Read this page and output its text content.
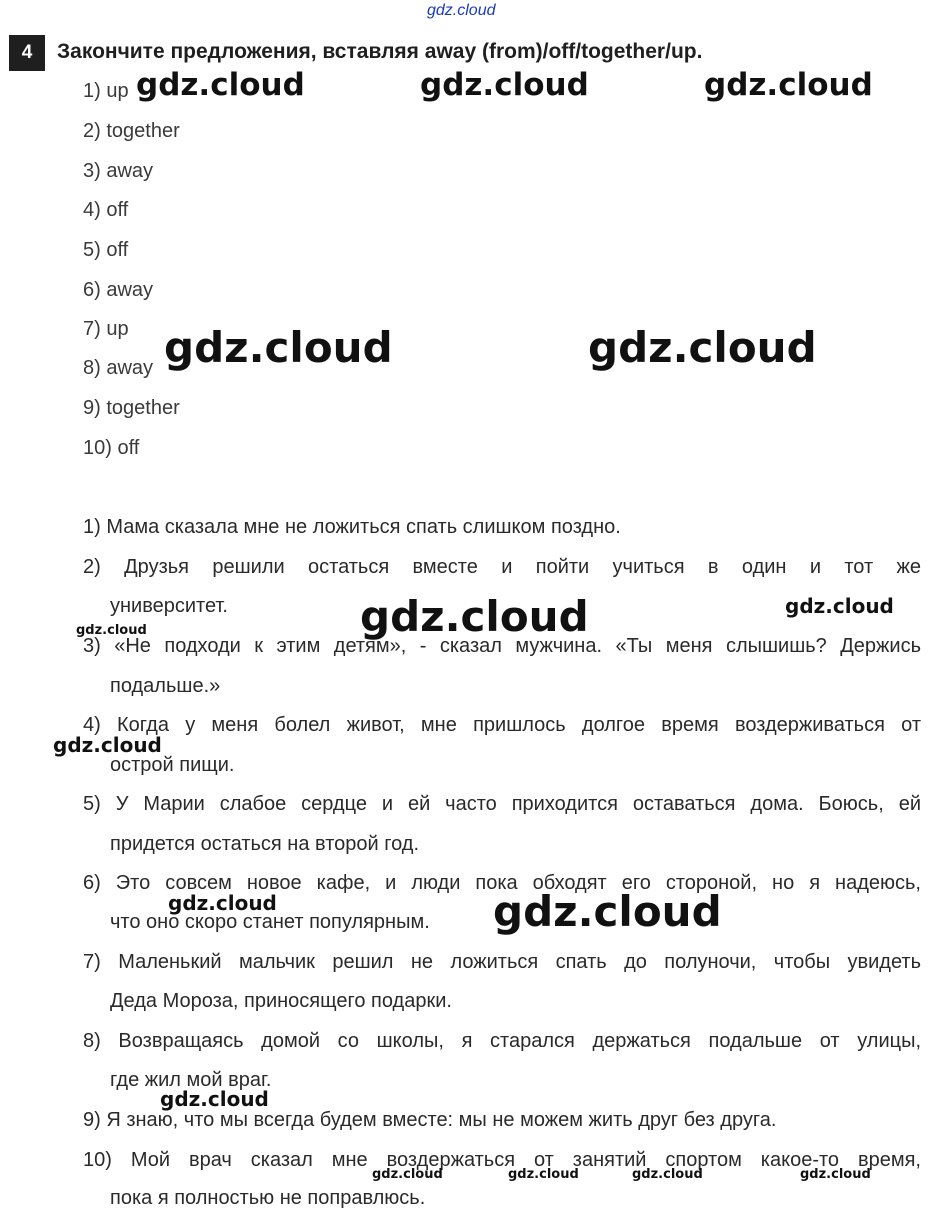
gdz.cloud
4	Закончите предложения, вставляя away (from)/off/together/up.
1) up
2) together
3) away
4) off
5) off
6) away
7) up
8) away
9) together
10) off
1) Мама сказала мне не ложиться спать слишком поздно.
2) Друзья решили остаться вместе и пойти учиться в один и тот же
университет.
3) «Не подходи к этим детям», - сказал мужчина. «Ты меня слышишь? Держись
подальше.»
4) Когда у меня болел живот, мне пришлось долгое время воздерживаться от
острой пищи.
5) У Марии слабое сердце и ей часто приходится оставаться дома. Боюсь, ей
придется остаться на второй год.
6) Это совсем новое кафе, и люди пока обходят его стороной, но я надеюсь,
что оно скоро станет популярным.
7) Маленький мальчик решил не ложиться спать до полуночи, чтобы увидеть
Деда Мороза, приносящего подарки.
8) Возвращаясь домой со школы, я старался держаться подальше от улицы,
где жил мой враг.
9) Я знаю, что мы всегда будем вместе: мы не можем жить друг без друга.
10) Мой врач сказал мне воздержаться от занятий спортом какое-то время,
пока я полностью не поправлюсь.
gdz.cloud	gdz.cloud	gdz.cloud
gdz.cloud	gdz.cloud
gdz.cloud	gdz.cloud
gdz.cloud
gdz.cloud
gdz.cloud	gdz.cloud
gdz.cloud
gdz.cloud	gdz.cloud	gdz.cloud	gdz.cloud
